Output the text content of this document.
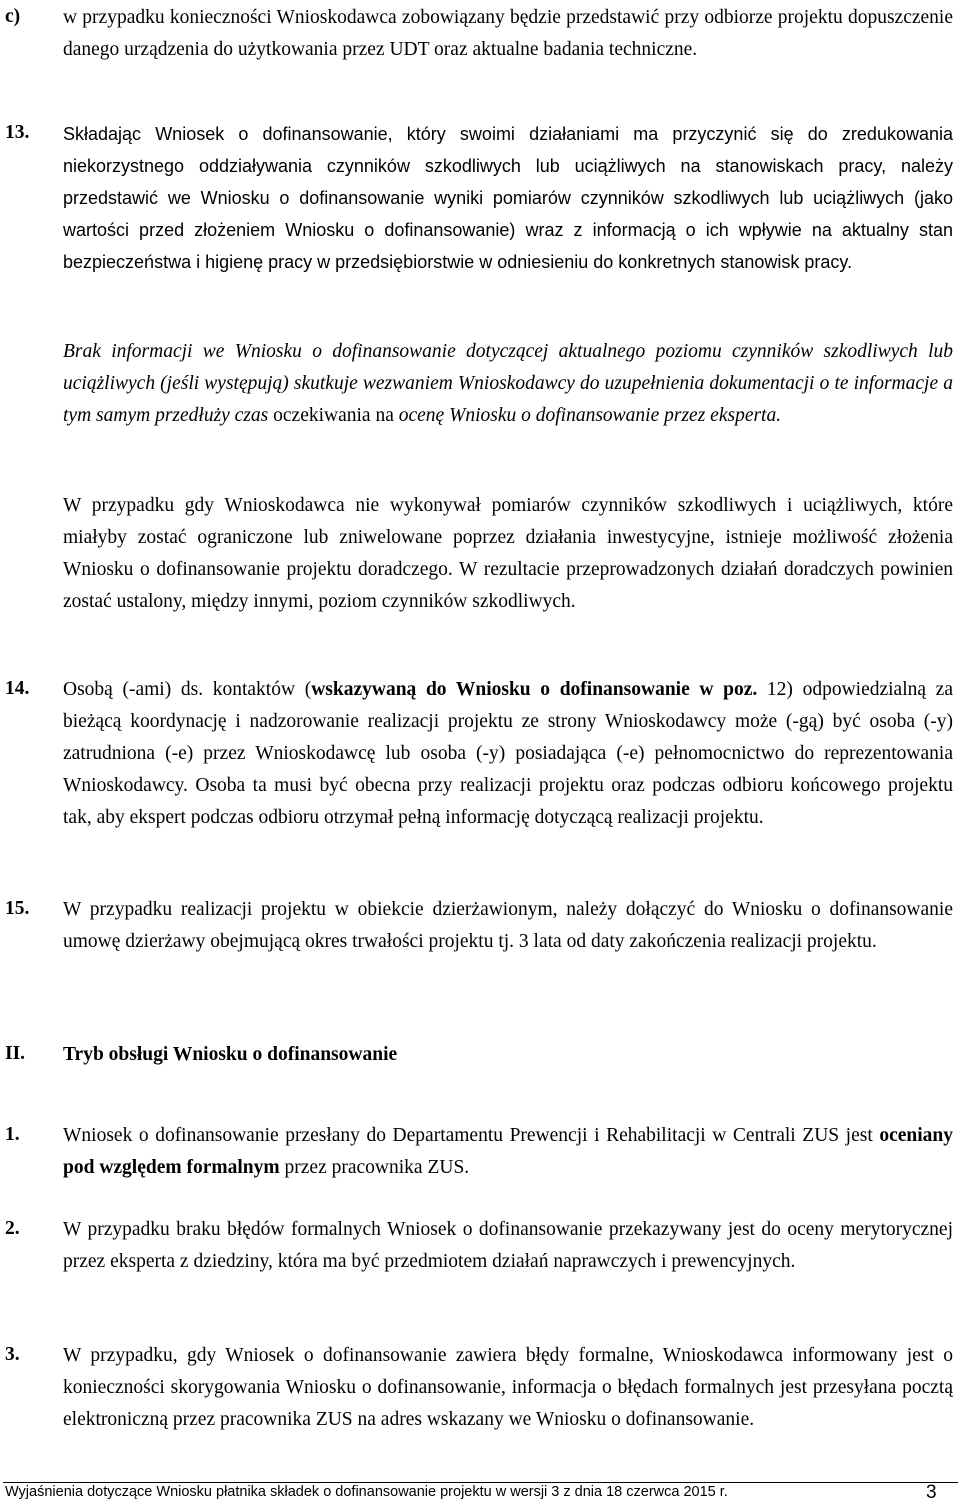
c) w przypadku konieczności Wnioskodawca zobowiązany będzie przedstawić przy odbiorze projektu dopuszczenie danego urządzenia do użytkowania przez UDT oraz aktualne badania techniczne.
13. Składając Wniosek o dofinansowanie, który swoimi działaniami ma przyczynić się do zredukowania niekorzystnego oddziaływania czynników szkodliwych lub uciążliwych na stanowiskach pracy, należy przedstawić we Wniosku o dofinansowanie wyniki pomiarów czynników szkodliwych lub uciążliwych (jako wartości przed złożeniem Wniosku o dofinansowanie) wraz z informacją o ich wpływie na aktualny stan bezpieczeństwa i higienę pracy w przedsiębiorstwie w odniesieniu do konkretnych stanowisk pracy.
Brak informacji we Wniosku o dofinansowanie dotyczącej aktualnego poziomu czynników szkodliwych lub uciążliwych (jeśli występują) skutkuje wezwaniem Wnioskodawcy do uzupełnienia dokumentacji o te informacje a tym samym przedłuży czas oczekiwania na ocenę Wniosku o dofinansowanie przez eksperta.
W przypadku gdy Wnioskodawca nie wykonywał pomiarów czynników szkodliwych i uciążliwych, które miałyby zostać ograniczone lub zniwelowane poprzez działania inwestycyjne, istnieje możliwość złożenia Wniosku o dofinansowanie projektu doradczego. W rezultacie przeprowadzonych działań doradczych powinien zostać ustalony, między innymi, poziom czynników szkodliwych.
14. Osobą (-ami) ds. kontaktów (wskazywaną do Wniosku o dofinansowanie w poz. 12) odpowiedzialną za bieżącą koordynację i nadzorowanie realizacji projektu ze strony Wnioskodawcy może (-gą) być osoba (-y) zatrudniona (-e) przez Wnioskodawcę lub osoba (-y) posiadająca (-e) pełnomocnictwo do reprezentowania Wnioskodawcy. Osoba ta musi być obecna przy realizacji projektu oraz podczas odbioru końcowego projektu tak, aby ekspert podczas odbioru otrzymał pełną informację dotyczącą realizacji projektu.
15. W przypadku realizacji projektu w obiekcie dzierżawionym, należy dołączyć do Wniosku o dofinansowanie umowę dzierżawy obejmującą okres trwałości projektu tj. 3 lata od daty zakończenia realizacji projektu.
II. Tryb obsługi Wniosku o dofinansowanie
1. Wniosek o dofinansowanie przesłany do Departamentu Prewencji i Rehabilitacji w Centrali ZUS jest oceniany pod względem formalnym przez pracownika ZUS.
2. W przypadku braku błędów formalnych Wniosek o dofinansowanie przekazywany jest do oceny merytorycznej przez eksperta z dziedziny, która ma być przedmiotem działań naprawczych i prewencyjnych.
3. W przypadku, gdy Wniosek o dofinansowanie zawiera błędy formalne, Wnioskodawca informowany jest o konieczności skorygowania Wniosku o dofinansowanie, informacja o błędach formalnych jest przesyłana pocztą elektroniczną przez pracownika ZUS na adres wskazany we Wniosku o dofinansowanie.
Wyjaśnienia dotyczące Wniosku płatnika składek o dofinansowanie projektu w wersji 3 z dnia 18 czerwca 2015 r.	3
